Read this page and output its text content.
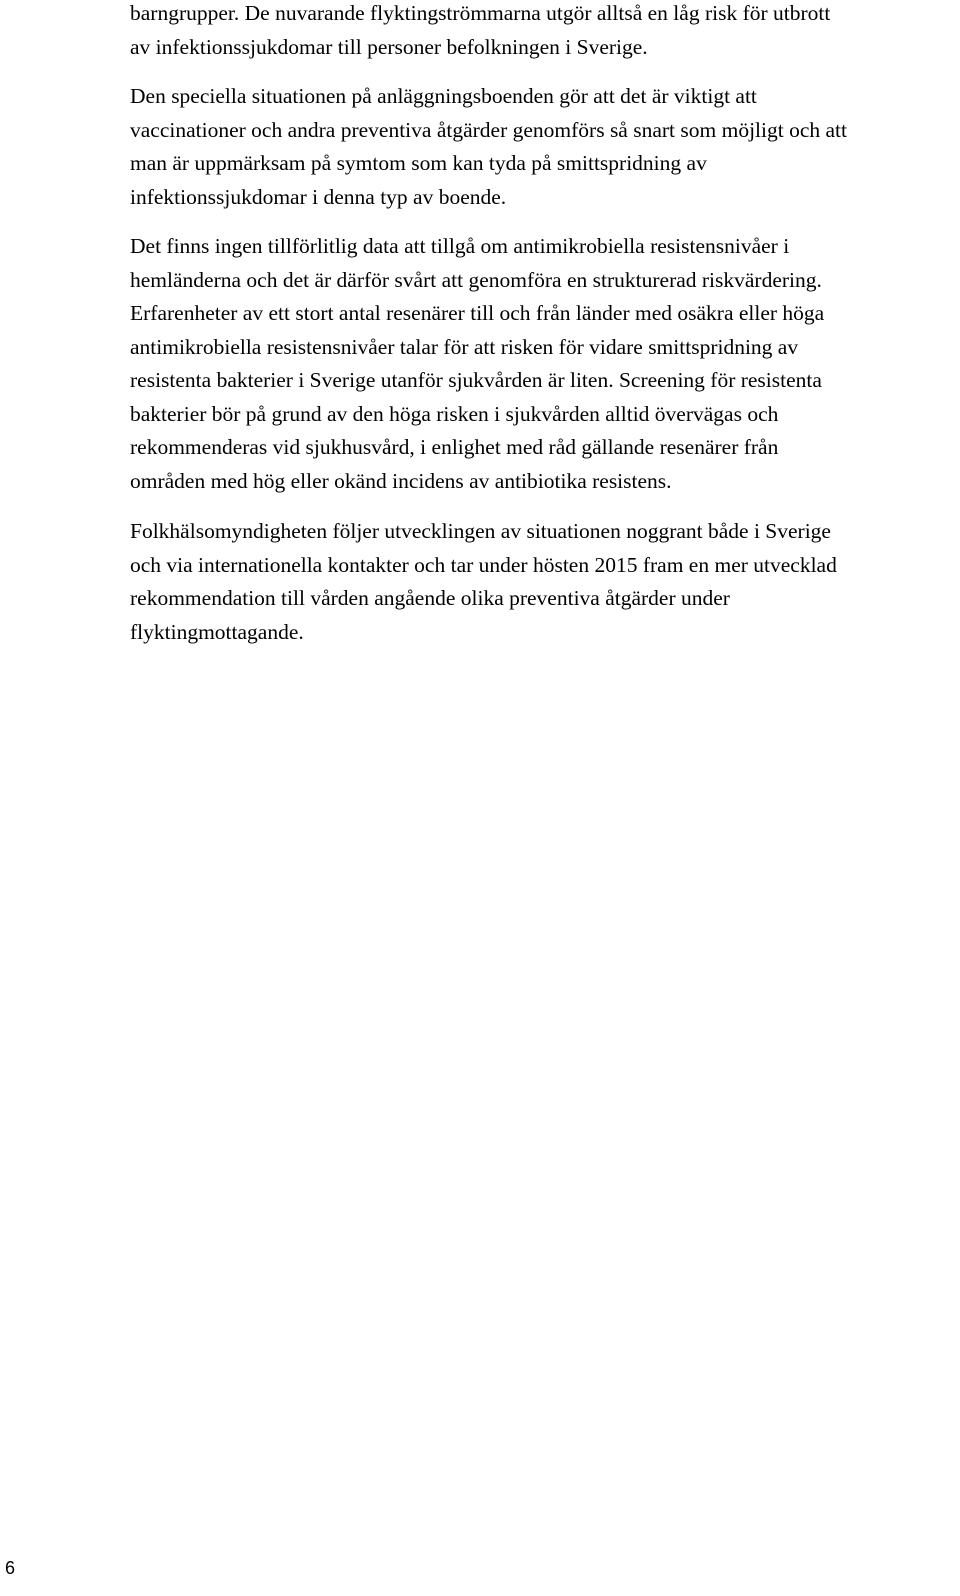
barngrupper. De nuvarande flyktingströmmarna utgör alltså en låg risk för utbrott
av infektionssjukdomar till personer befolkningen i Sverige.

Den speciella situationen på anläggningsboenden gör att det är viktigt att
vaccinationer och andra preventiva åtgärder genomförs så snart som möjligt och att
man är uppmärksam på symtom som kan tyda på smittspridning av
infektionssjukdomar i denna typ av boende.

Det finns ingen tillförlitlig data att tillgå om antimikrobiella resistensnivåer i
hemländerna och det är därför svårt att genomföra en strukturerad riskvärdering.
Erfarenheter av ett stort antal resenärer till och från länder med osäkra eller höga
antimikrobiella resistensnivåer talar för att risken för vidare smittspridning av
resistenta bakterier i Sverige utanför sjukvården är liten. Screening för resistenta
bakterier bör på grund av den höga risken i sjukvården alltid övervägas och
rekommenderas vid sjukhusvård, i enlighet med råd gällande resenärer från
områden med hög eller okänd incidens av antibiotika resistens.

Folkhälsomyndigheten följer utvecklingen av situationen noggrant både i Sverige
och via internationella kontakter och tar under hösten 2015 fram en mer utvecklad
rekommendation till vården angående olika preventiva åtgärder under
flyktingmottagande.

6
